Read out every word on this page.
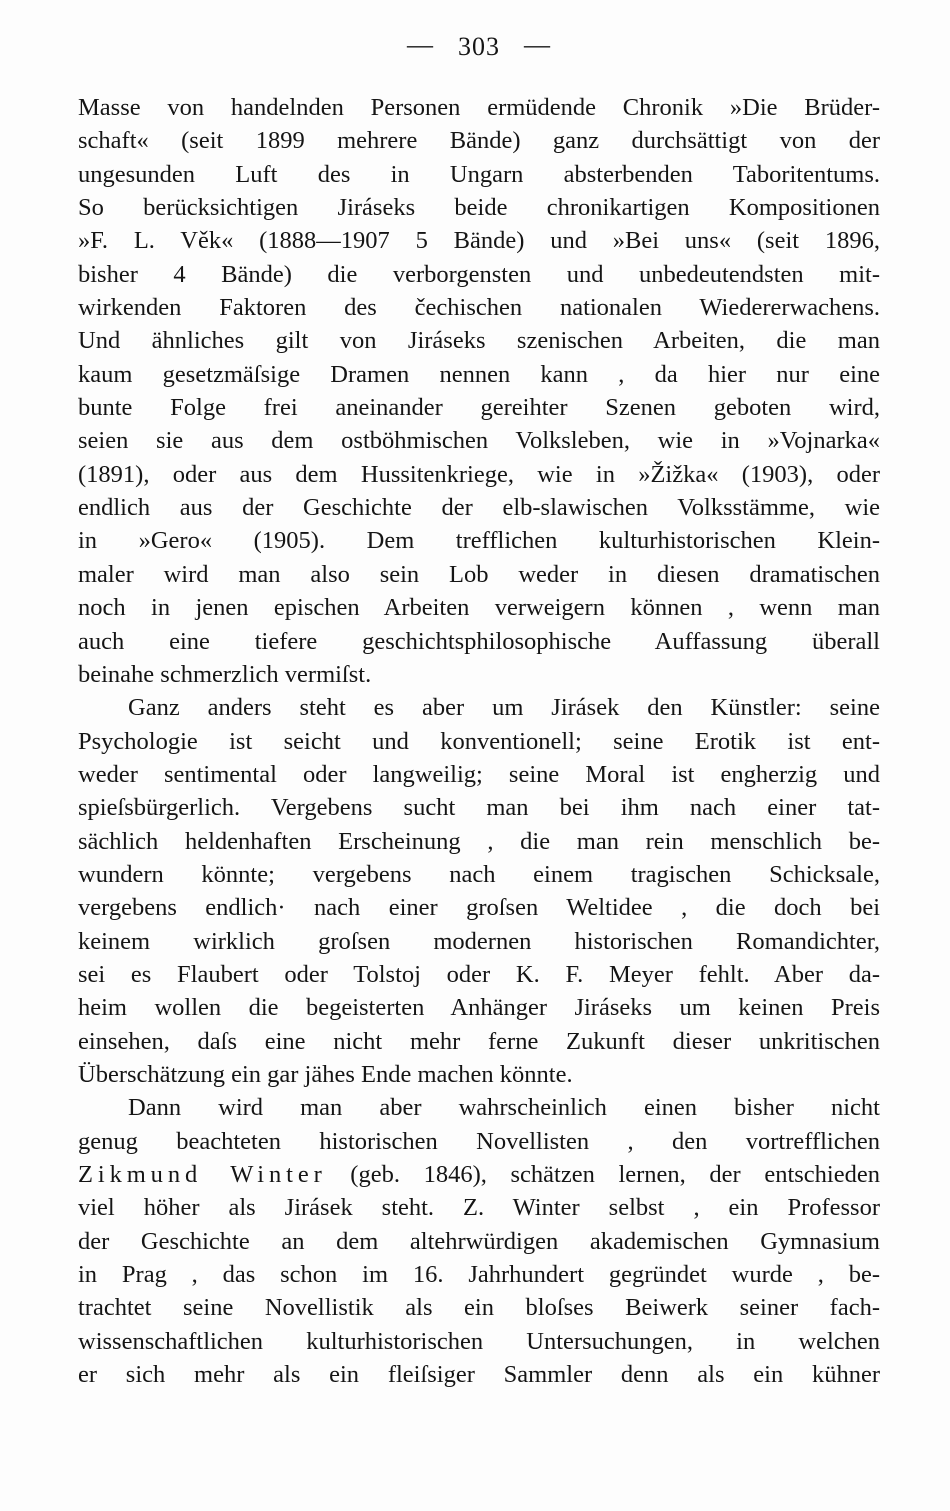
— 303 —
Masse von handelnden Personen ermüdende Chronik »Die Brüder-
schaft« (seit 1899 mehrere Bände) ganz durchsättigt von der
ungesunden Luft des in Ungarn absterbenden Taboritentums.
So berücksichtigen Jiráseks beide chronikartigen Kompositionen
»F. L. Věk« (1888—1907 5 Bände) und »Bei uns« (seit 1896,
bisher 4 Bände) die verborgensten und unbedeutendsten mit-
wirkenden Faktoren des čechischen nationalen Wiedererwachens.
Und ähnliches gilt von Jiráseks szenischen Arbeiten, die man
kaum gesetzmäſsige Dramen nennen kann , da hier nur eine
bunte Folge frei aneinander gereihter Szenen geboten wird,
seien sie aus dem ostböhmischen Volksleben, wie in »Vojnarka«
(1891), oder aus dem Hussitenkriege, wie in »Žižka« (1903), oder
endlich aus der Geschichte der elb-slawischen Volksstämme, wie
in »Gero« (1905). Dem trefflichen kulturhistorischen Klein-
maler wird man also sein Lob weder in diesen dramatischen
noch in jenen epischen Arbeiten verweigern können , wenn man
auch eine tiefere geschichtsphilosophische Auffassung überall
beinahe schmerzlich vermiſst.
Ganz anders steht es aber um Jirásek den Künstler: seine
Psychologie ist seicht und konventionell; seine Erotik ist ent-
weder sentimental oder langweilig; seine Moral ist engherzig und
spieſsbürgerlich. Vergebens sucht man bei ihm nach einer tat-
sächlich heldenhaften Erscheinung , die man rein menschlich be-
wundern könnte; vergebens nach einem tragischen Schicksale,
vergebens endlich· nach einer groſsen Weltidee , die doch bei
keinem wirklich groſsen modernen historischen Romandichter,
sei es Flaubert oder Tolstoj oder K. F. Meyer fehlt. Aber da-
heim wollen die begeisterten Anhänger Jiráseks um keinen Preis
einsehen, daſs eine nicht mehr ferne Zukunft dieser unkritischen
Überschätzung ein gar jähes Ende machen könnte.
Dann wird man aber wahrscheinlich einen bisher nicht
genug beachteten historischen Novellisten , den vortrefflichen
Zikmund Winter (geb. 1846), schätzen lernen, der entschieden
viel höher als Jirásek steht. Z. Winter selbst , ein Professor
der Geschichte an dem altehrwürdigen akademischen Gymnasium
in Prag , das schon im 16. Jahrhundert gegründet wurde , be-
trachtet seine Novellistik als ein bloſses Beiwerk seiner fach-
wissenschaftlichen kulturhistorischen Untersuchungen, in welchen
er sich mehr als ein fleiſsiger Sammler denn als ein kühner
